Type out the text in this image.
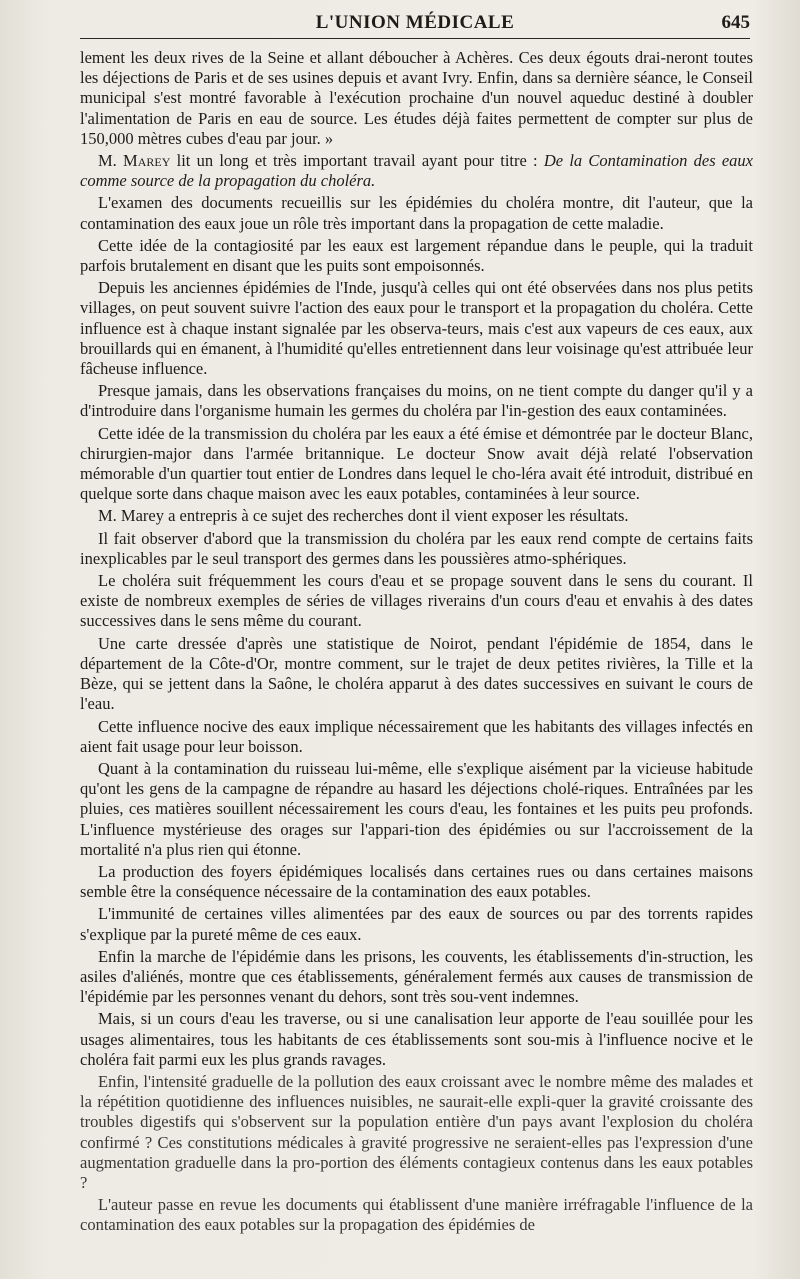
L'UNION MÉDICALE	645

lement les deux rives de la Seine et allant déboucher à Achères. Ces deux égouts drai-neront toutes les déjections de Paris et de ses usines depuis et avant Ivry. Enfin, dans sa dernière séance, le Conseil municipal s'est montré favorable à l'exécution prochaine d'un nouvel aqueduc destiné à doubler l'alimentation de Paris en eau de source. Les études déjà faites permettent de compter sur plus de 150,000 mètres cubes d'eau par jour. »

M. Marey lit un long et très important travail ayant pour titre : De la Contamination des eaux comme source de la propagation du choléra.

L'examen des documents recueillis sur les épidémies du choléra montre, dit l'auteur, que la contamination des eaux joue un rôle très important dans la propagation de cette maladie.

Cette idée de la contagiosité par les eaux est largement répandue dans le peuple, qui la traduit parfois brutalement en disant que les puits sont empoisonnés.

Depuis les anciennes épidémies de l'Inde, jusqu'à celles qui ont été observées dans nos plus petits villages, on peut souvent suivre l'action des eaux pour le transport et la propagation du choléra. Cette influence est à chaque instant signalée par les observa-teurs, mais c'est aux vapeurs de ces eaux, aux brouillards qui en émanent, à l'humidité qu'elles entretiennent dans leur voisinage qu'est attribuée leur fâcheuse influence.

Presque jamais, dans les observations françaises du moins, on ne tient compte du danger qu'il y a d'introduire dans l'organisme humain les germes du choléra par l'in-gestion des eaux contaminées.

Cette idée de la transmission du choléra par les eaux a été émise et démontrée par le docteur Blanc, chirurgien-major dans l'armée britannique. Le docteur Snow avait déjà relaté l'observation mémorable d'un quartier tout entier de Londres dans lequel le cho-léra avait été introduit, distribué en quelque sorte dans chaque maison avec les eaux potables, contaminées à leur source.

M. Marey a entrepris à ce sujet des recherches dont il vient exposer les résultats.

Il fait observer d'abord que la transmission du choléra par les eaux rend compte de certains faits inexplicables par le seul transport des germes dans les poussières atmo-sphériques.

Le choléra suit fréquemment les cours d'eau et se propage souvent dans le sens du courant. Il existe de nombreux exemples de séries de villages riverains d'un cours d'eau et envahis à des dates successives dans le sens même du courant.

Une carte dressée d'après une statistique de Noirot, pendant l'épidémie de 1854, dans le département de la Côte-d'Or, montre comment, sur le trajet de deux petites rivières, la Tille et la Bèze, qui se jettent dans la Saône, le choléra apparut à des dates successives en suivant le cours de l'eau.

Cette influence nocive des eaux implique nécessairement que les habitants des villages infectés en aient fait usage pour leur boisson.

Quant à la contamination du ruisseau lui-même, elle s'explique aisément par la vicieuse habitude qu'ont les gens de la campagne de répandre au hasard les déjections cholé-riques. Entraînées par les pluies, ces matières souillent nécessairement les cours d'eau, les fontaines et les puits peu profonds. L'influence mystérieuse des orages sur l'appari-tion des épidémies ou sur l'accroissement de la mortalité n'a plus rien qui étonne.

La production des foyers épidémiques localisés dans certaines rues ou dans certaines maisons semble être la conséquence nécessaire de la contamination des eaux potables.

L'immunité de certaines villes alimentées par des eaux de sources ou par des torrents rapides s'explique par la pureté même de ces eaux.

Enfin la marche de l'épidémie dans les prisons, les couvents, les établissements d'in-struction, les asiles d'aliénés, montre que ces établissements, généralement fermés aux causes de transmission de l'épidémie par les personnes venant du dehors, sont très sou-vent indemnes.

Mais, si un cours d'eau les traverse, ou si une canalisation leur apporte de l'eau souillée pour les usages alimentaires, tous les habitants de ces établissements sont sou-mis à l'influence nocive et le choléra fait parmi eux les plus grands ravages.

Enfin, l'intensité graduelle de la pollution des eaux croissant avec le nombre même des malades et la répétition quotidienne des influences nuisibles, ne saurait-elle expli-quer la gravité croissante des troubles digestifs qui s'observent sur la population entière d'un pays avant l'explosion du choléra confirmé ? Ces constitutions médicales à gravité progressive ne seraient-elles pas l'expression d'une augmentation graduelle dans la pro-portion des éléments contagieux contenus dans les eaux potables ?

L'auteur passe en revue les documents qui établissent d'une manière irréfragable l'influence de la contamination des eaux potables sur la propagation des épidémies de
